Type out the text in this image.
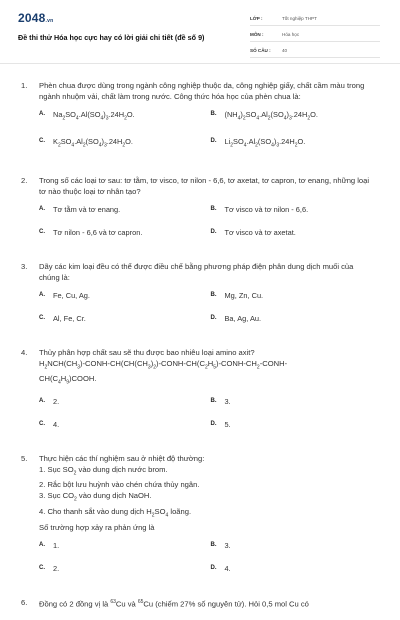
2048.vn
Đề thi thử Hóa học cực hay có lời giải chi tiết (đề số 9)
LỚP :	Tốt nghiệp THPT
MÔN :	Hóa học
SỐ CÂU :	40
1. Phèn chua được dùng trong ngành công nghiệp thuộc da, công nghiệp giấy, chất cầm màu trong ngành nhuộm vải, chất làm trong nước. Công thức hóa học của phèn chua là:
A.	$Na_2SO_4.Al(SO_4)_3.24H_2O$.	B.	$(NH_4)_2SO_4.Al_2(SO_4)_3.24H_2O$.
C.	$K_2SO_4.Al_2(SO_4)_3.24H_2O$.	D.	$Li_2SO_4.Al_2(SO_4)_3.24H_2O$.
2. Trong số các loại tơ sau: tơ tằm, tơ visco, tơ nilon - 6,6, tơ axetat, tơ capron, tơ enang, những loại tơ nào thuộc loại tơ nhân tạo?
A.	Tơ tằm và tơ enang.	B.	Tơ visco và tơ nilon - 6,6.
C.	Tơ nilon - 6,6 và tơ capron.	D.	Tơ visco và tơ axetat.
3. Dãy các kim loại đều có thể được điều chế bằng phương pháp điện phân dung dịch muối của chúng là:
A.	Fe, Cu, Ag.	B.	Mg, Zn, Cu.
C.	Al, Fe, Cr.	D.	Ba, Ag, Au.
4. Thủy phân hợp chất sau sẽ thu được bao nhiêu loại amino axit?
$H_2NCH(CH_3)-CONH-CH(CH(CH_3)_2)-CONH-CH(C_2H_5)-CONH-CH_2-CONH-$
$CH(C_4H_9)COOH$.
A.	2.	B.	3.
C.	4.	D.	5.
5. Thực hiện các thí nghiệm sau ở nhiệt độ thường:
1. Sục $SO_2$ vào dung dịch nước brom.
2. Rắc bột lưu huỳnh vào chén chứa thủy ngân.
3. Sục $CO_2$ vào dung dịch NaOH.
4. Cho thanh sắt vào dung dịch $H_2SO_4$ loãng.
Số trường hợp xảy ra phản ứng là
A.	1.	B.	3.
C.	2.	D.	4.
6. Đồng có 2 đồng vị là $^{63}$Cu và $^{65}$Cu (chiếm 27% số nguyên tử). Hỏi 0,5 mol Cu có
